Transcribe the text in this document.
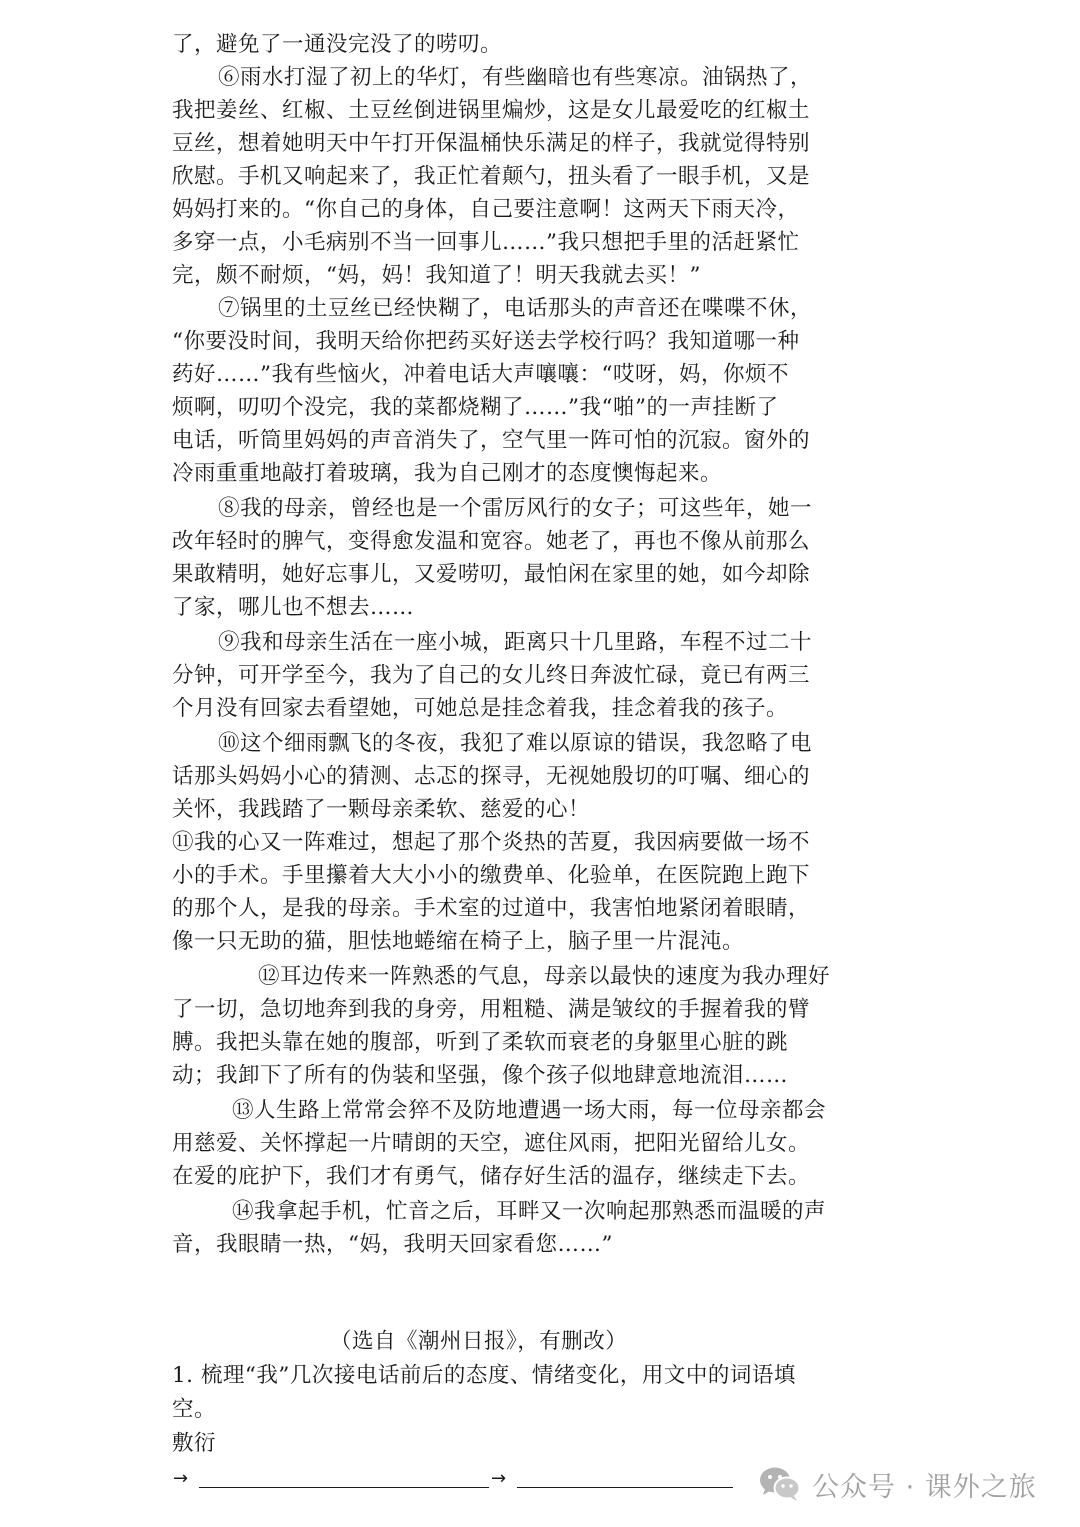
了，避免了一通没完没了的唠叨。
⑥雨水打湿了初上的华灯，有些幽暗也有些寒凉。油锅热了，
我把姜丝、红椒、土豆丝倒进锅里煸炒，这是女儿最爱吃的红椒土
豆丝，想着她明天中午打开保温桶快乐满足的样子，我就觉得特别
欣慰。手机又响起来了，我正忙着颠勺，扭头看了一眼手机，又是
妈妈打来的。“你自己的身体，自己要注意啊！这两天下雨天冷，
多穿一点，小毛病别不当一回事儿……”我只想把手里的活赶紧忙
完，颇不耐烦，“妈，妈！我知道了！明天我就去买！”
⑦锅里的土豆丝已经快糊了，电话那头的声音还在喋喋不休，
“你要没时间，我明天给你把药买好送去学校行吗？我知道哪一种
药好……”我有些恼火，冲着电话大声嚷嚷：“哎呀，妈，你烦不
烦啊，叨叨个没完，我的菜都烧糊了……”我“啪”的一声挂断了
电话，听筒里妈妈的声音消失了，空气里一阵可怕的沉寂。窗外的
冷雨重重地敲打着玻璃，我为自己刚才的态度懊悔起来。
⑧我的母亲，曾经也是一个雷厉风行的女子；可这些年，她一
改年轻时的脾气，变得愈发温和宽容。她老了，再也不像从前那么
果敢精明，她好忘事儿，又爱唠叨，最怕闲在家里的她，如今却除
了家，哪儿也不想去……
⑨我和母亲生活在一座小城，距离只十几里路，车程不过二十
分钟，可开学至今，我为了自己的女儿终日奔波忙碌，竟已有两三
个月没有回家去看望她，可她总是挂念着我，挂念着我的孩子。
⑩这个细雨飘飞的冬夜，我犯了难以原谅的错误，我忽略了电
话那头妈妈小心的猜测、忐忑的探寻，无视她殷切的叮嘱、细心的
关怀，我践踏了一颗母亲柔软、慈爱的心！
⑪我的心又一阵难过，想起了那个炎热的苦夏，我因病要做一场不
小的手术。手里攥着大大小小的缴费单、化验单，在医院跑上跑下
的那个人，是我的母亲。手术室的过道中，我害怕地紧闭着眼睛，
像一只无助的猫，胆怯地蜷缩在椅子上，脑子里一片混沌。
⑫耳边传来一阵熟悉的气息，母亲以最快的速度为我办理好
了一切，急切地奔到我的身旁，用粗糙、满是皱纹的手握着我的臂
膊。我把头靠在她的腹部，听到了柔软而衰老的身躯里心脏的跳
动；我卸下了所有的伪装和坚强，像个孩子似地肆意地流泪……
⑬人生路上常常会猝不及防地遭遇一场大雨，每一位母亲都会
用慈爱、关怀撑起一片晴朗的天空，遮住风雨，把阳光留给儿女。
在爱的庇护下，我们才有勇气，储存好生活的温存，继续走下去。
⑭我拿起手机，忙音之后，耳畔又一次响起那熟悉而温暖的声
音，我眼睛一热，“妈，我明天回家看您……”
（选自《潮州日报》，有删改）
1. 梳理“我”几次接电话前后的态度、情绪变化，用文中的词语填
空。
敷衍
→	→	公众号 · 课外之旅
